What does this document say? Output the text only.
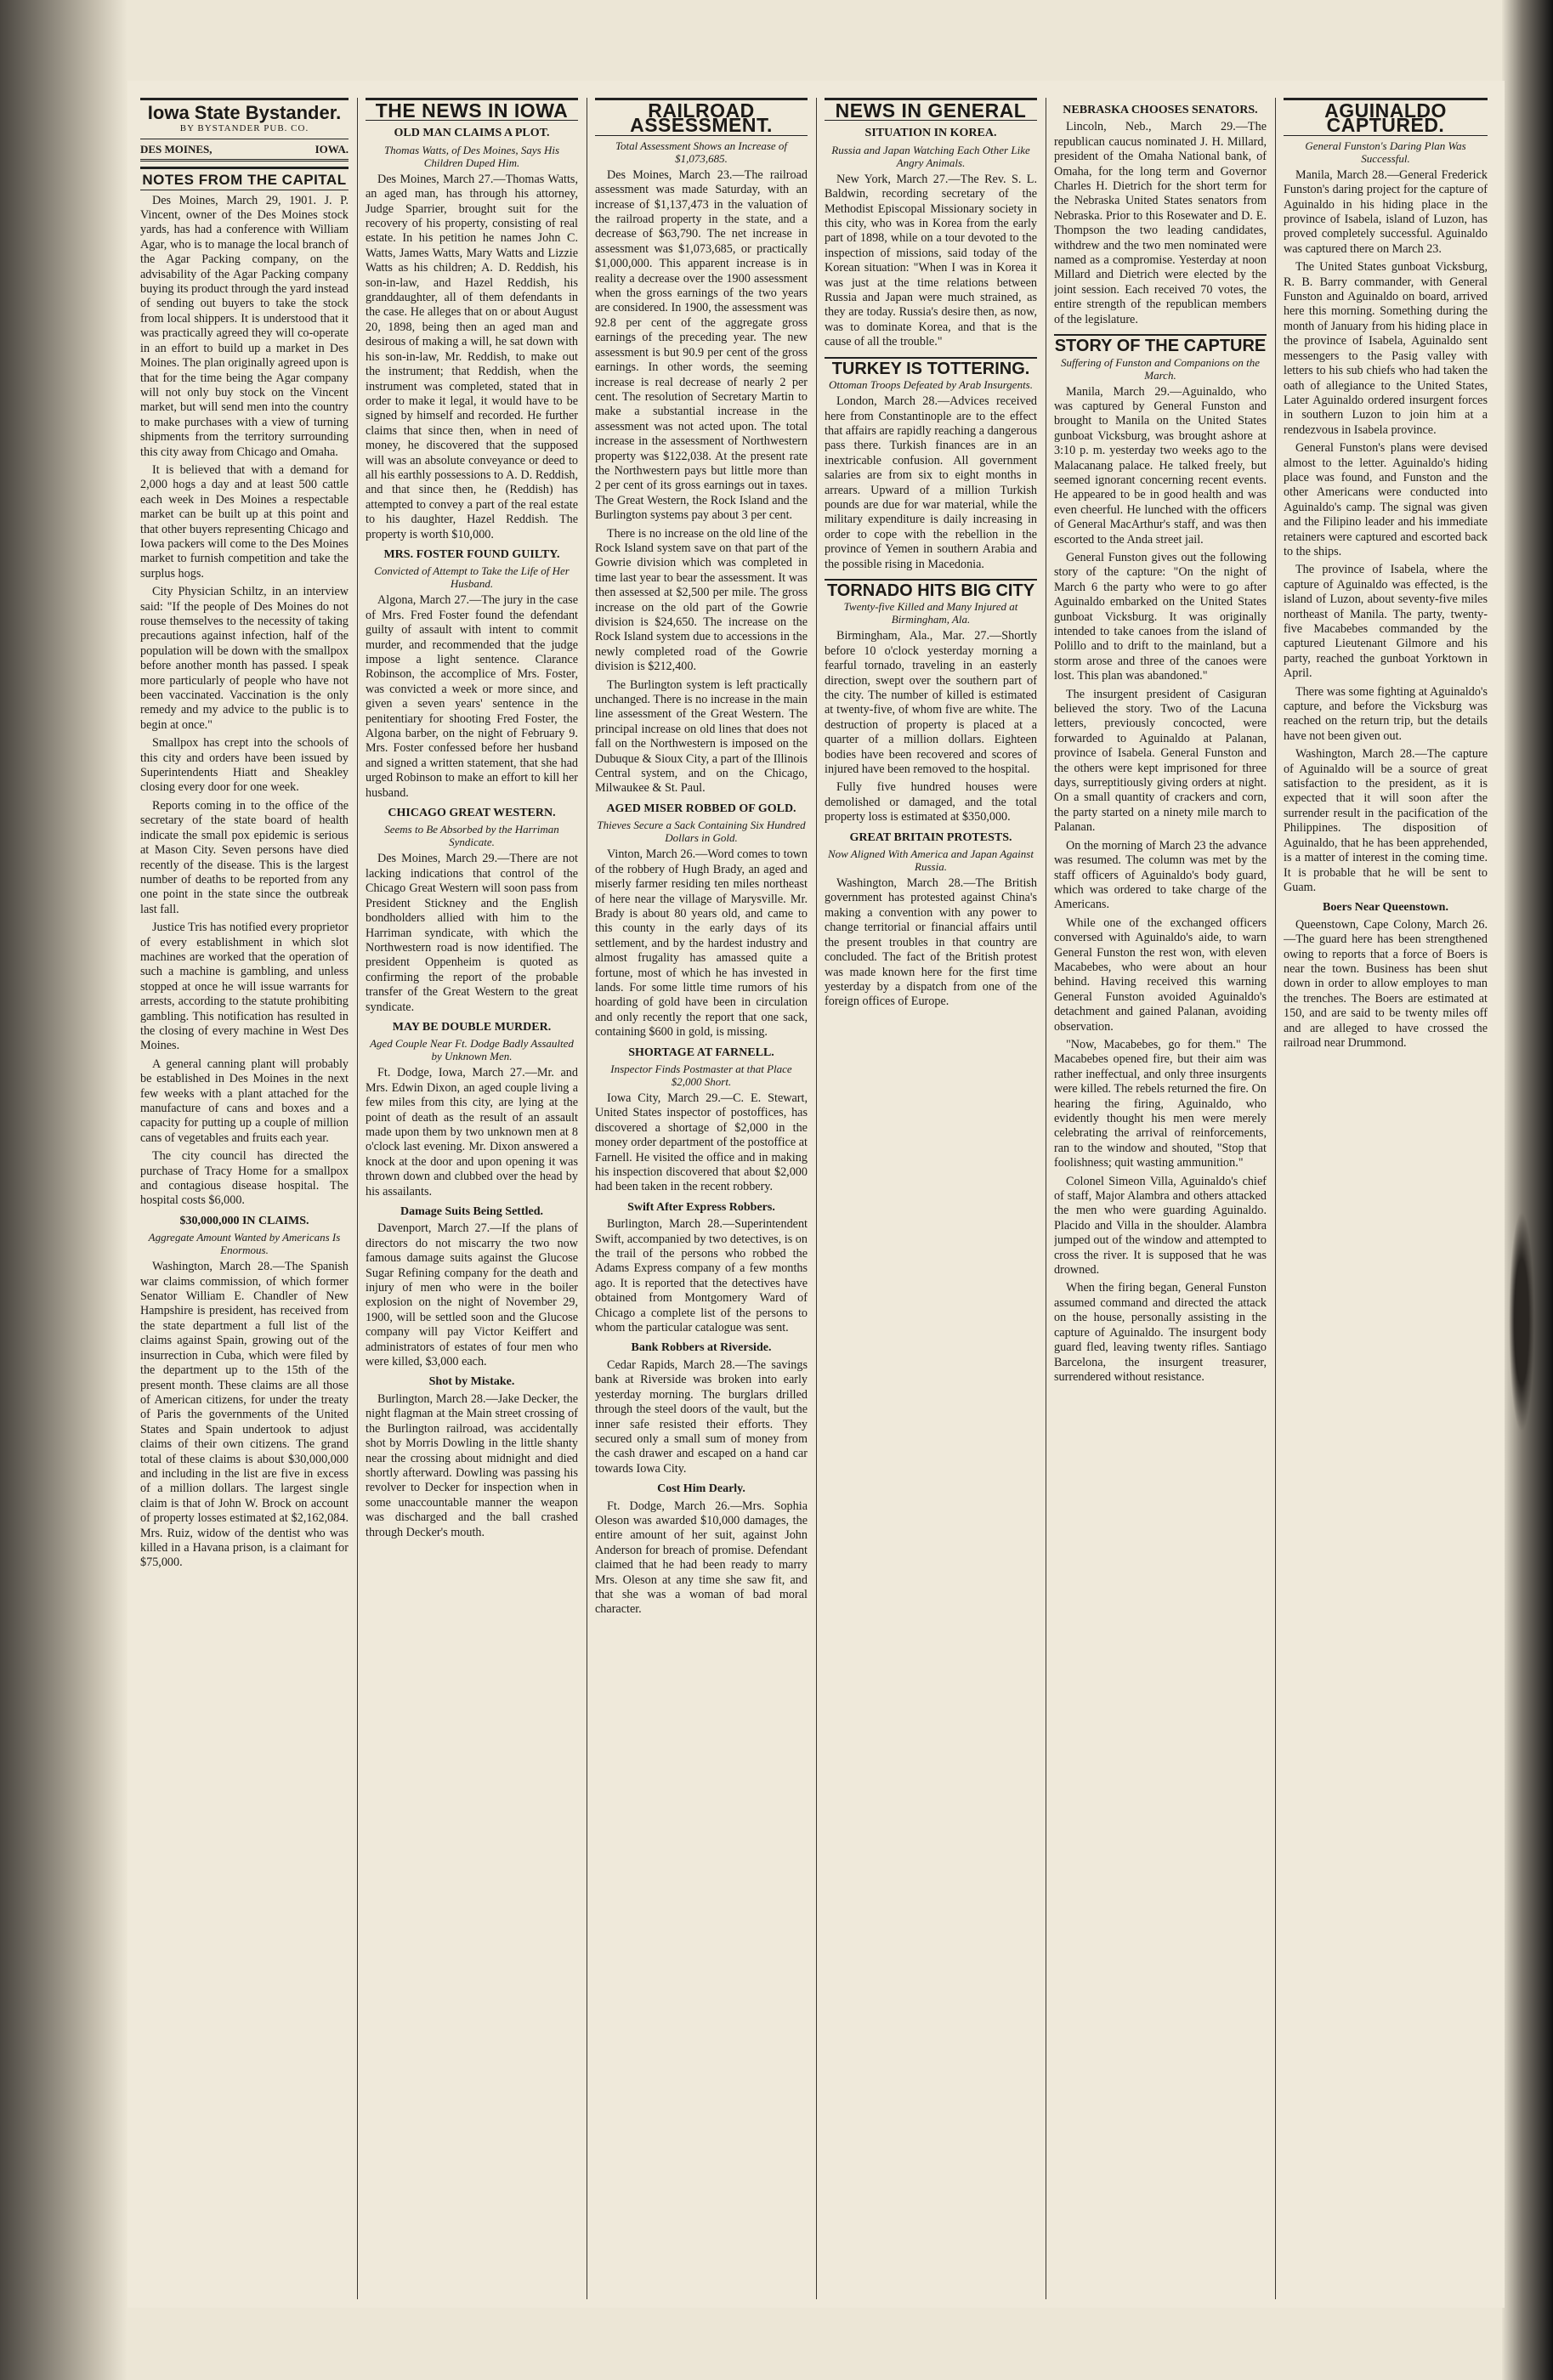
Iowa State Bystander.
BY BYSTANDER PUB. CO.
DES MOINES,	IOWA.
NOTES FROM THE CAPITAL

Des Moines, March 29, 1901. J. P. Vincent, owner of the Des Moines stock yards, has had a conference with William Agar, who is to manage the local branch of the Agar Packing company, on the advisability of the Agar Packing company buying its product through the yard instead of sending out buyers to take the stock from local shippers. It is understood that it was practically agreed they will co-operate in an effort to build up a market in Des Moines. The plan originally agreed upon is that for the time being the Agar company will not only buy stock on the Vincent market, but will send men into the country to make purchases with a view of turning shipments from the territory surrounding this city away from Chicago and Omaha.

It is believed that with a demand for 2,000 hogs a day and at least 500 cattle each week in Des Moines a respectable market can be built up at this point and that other buyers representing Chicago and Iowa packers will come to the Des Moines market to furnish competition and take the surplus hogs.

City Physician Schiltz, in an interview said: "If the people of Des Moines do not rouse themselves to the necessity of taking precautions against infection, half of the population will be down with the smallpox before another month has passed. I speak more particularly of people who have not been vaccinated. Vaccination is the only remedy and my advice to the public is to begin at once."

Smallpox has crept into the schools of this city and orders have been issued by Superintendents Hiatt and Sheakley closing every door for one week.

Reports coming in to the office of the secretary of the state board of health indicate the small pox epidemic is serious at Mason City. Seven persons have died recently of the disease. This is the largest number of deaths to be reported from any one point in the state since the outbreak last fall.

Justice Tris has notified every proprietor of every establishment in which slot machines are worked that the operation of such a machine is gambling, and unless stopped at once he will issue warrants for arrests, according to the statute prohibiting gambling. This notification has resulted in the closing of every machine in West Des Moines.

A general canning plant will probably be established in Des Moines in the next few weeks with a plant attached for the manufacture of cans and boxes and a capacity for putting up a couple of million cans of vegetables and fruits each year.

The city council has directed the purchase of Tracy Home for a smallpox and contagious disease hospital. The hospital costs $6,000.

$30,000,000 IN CLAIMS.
Aggregate Amount Wanted by Americans Is Enormous.

Washington, March 28.—The Spanish war claims commission, of which former Senator William E. Chandler of New Hampshire is president, has received from the state department a full list of the claims against Spain, growing out of the insurrection in Cuba, which were filed by the department up to the 15th of the present month. These claims are all those of American citizens, for under the treaty of Paris the governments of the United States and Spain undertook to adjust claims of their own citizens. The grand total of these claims is about $30,000,000 and including in the list are five in excess of a million dollars. The largest single claim is that of John W. Brock on account of property losses estimated at $2,162,084. Mrs. Ruiz, widow of the dentist who was killed in a Havana prison, is a claimant for $75,000.

THE NEWS IN IOWA
OLD MAN CLAIMS A PLOT.
Thomas Watts, of Des Moines, Says His Children Duped Him.

Des Moines, March 27.—Thomas Watts, an aged man, has through his attorney, Judge Sparrier, brought suit for the recovery of his property, consisting of real estate. In his petition he names John C. Watts, James Watts, Mary Watts and Lizzie Watts as his children; A. D. Reddish, his son-in-law, and Hazel Reddish, his granddaughter, all of them defendants in the case. He alleges that on or about August 20, 1898, being then an aged man and desirous of making a will, he sat down with his son-in-law, Mr. Reddish, to make out the instrument; that Reddish, when the instrument was completed, stated that in order to make it legal, it would have to be signed by himself and recorded. He further claims that since then, when in need of money, he discovered that the supposed will was an absolute conveyance or deed to all his earthly possessions to A. D. Reddish, and that since then, he (Reddish) has attempted to convey a part of the real estate to his daughter, Hazel Reddish. The property is worth $10,000.

MRS. FOSTER FOUND GUILTY.
Convicted of Attempt to Take the Life of Her Husband.

Algona, March 27.—The jury in the case of Mrs. Fred Foster found the defendant guilty of assault with intent to commit murder, and recommended that the judge impose a light sentence. Clarance Robinson, the accomplice of Mrs. Foster, was convicted a week or more since, and given a seven years' sentence in the penitentiary for shooting Fred Foster, the Algona barber, on the night of February 9. Mrs. Foster confessed before her husband and signed a written statement, that she had urged Robinson to make an effort to kill her husband.

CHICAGO GREAT WESTERN.
Seems to Be Absorbed by the Harriman Syndicate.

Des Moines, March 29.—There are not lacking indications that control of the Chicago Great Western will soon pass from President Stickney and the English bondholders allied with him to the Harriman syndicate, with which the Northwestern road is now identified. The president Oppenheim is quoted as confirming the report of the probable transfer of the Great Western to the great syndicate.

MAY BE DOUBLE MURDER.
Aged Couple Near Ft. Dodge Badly Assaulted by Unknown Men.

Ft. Dodge, Iowa, March 27.—Mr. and Mrs. Edwin Dixon, an aged couple living a few miles from this city, are lying at the point of death as the result of an assault made upon them by two unknown men at 8 o'clock last evening. Mr. Dixon answered a knock at the door and upon opening it was thrown down and clubbed over the head by his assailants.

Damage Suits Being Settled.

Davenport, March 27.—If the plans of directors do not miscarry the two now famous damage suits against the Glucose Sugar Refining company for the death and injury of men who were in the boiler explosion on the night of November 29, 1900, will be settled soon and the Glucose company will pay Victor Keiffert and administrators of estates of four men who were killed, $3,000 each.

Shot by Mistake.

Burlington, March 28.—Jake Decker, the night flagman at the Main street crossing of the Burlington railroad, was accidentally shot by Morris Dowling in the little shanty near the crossing about midnight and died shortly afterward. Dowling was passing his revolver to Decker for inspection when in some unaccountable manner the weapon was discharged and the ball crashed through Decker's mouth.

RAILROAD ASSESSMENT.
Total Assessment Shows an Increase of $1,073,685.

Des Moines, March 23.—The railroad assessment was made Saturday, with an increase of $1,137,473 in the valuation of the railroad property in the state, and a decrease of $63,790. The net increase in assessment was $1,073,685, or practically $1,000,000. This apparent increase is in reality a decrease over the 1900 assessment when the gross earnings of the two years are considered. In 1900, the assessment was 92.8 per cent of the aggregate gross earnings of the preceding year. The new assessment is but 90.9 per cent of the gross earnings. In other words, the seeming increase is real decrease of nearly 2 per cent. The resolution of Secretary Martin to make a substantial increase in the assessment was not acted upon. The total increase in the assessment of Northwestern property was $122,038. At the present rate the Northwestern pays but little more than 2 per cent of its gross earnings out in taxes. The Great Western, the Rock Island and the Burlington systems pay about 3 per cent.

There is no increase on the old line of the Rock Island system save on that part of the Gowrie division which was completed in time last year to bear the assessment. It was then assessed at $2,500 per mile. The gross increase on the old part of the Gowrie division is $24,650. The increase on the Rock Island system due to accessions in the newly completed road of the Gowrie division is $212,400.

The Burlington system is left practically unchanged. There is no increase in the main line assessment of the Great Western. The principal increase on old lines that does not fall on the Northwestern is imposed on the Dubuque & Sioux City, a part of the Illinois Central system, and on the Chicago, Milwaukee & St. Paul.

AGED MISER ROBBED OF GOLD.
Thieves Secure a Sack Containing Six Hundred Dollars in Gold.

Vinton, March 26.—Word comes to town of the robbery of Hugh Brady, an aged and miserly farmer residing ten miles northeast of here near the village of Marysville. Mr. Brady is about 80 years old, and came to this county in the early days of its settlement, and by the hardest industry and almost frugality has amassed quite a fortune, most of which he has invested in lands. For some little time rumors of his hoarding of gold have been in circulation and only recently the report that one sack, containing $600 in gold, is missing.

SHORTAGE AT FARNELL.
Inspector Finds Postmaster at that Place $2,000 Short.

Iowa City, March 29.—C. E. Stewart, United States inspector of postoffices, has discovered a shortage of $2,000 in the money order department of the postoffice at Farnell. He visited the office and in making his inspection discovered that about $2,000 had been taken in the recent robbery.

Swift After Express Robbers.

Burlington, March 28.—Superintendent Swift, accompanied by two detectives, is on the trail of the persons who robbed the Adams Express company of a few months ago. It is reported that the detectives have obtained from Montgomery Ward of Chicago a complete list of the persons to whom the particular catalogue was sent.

Bank Robbers at Riverside.

Cedar Rapids, March 28.—The savings bank at Riverside was broken into early yesterday morning. The burglars drilled through the steel doors of the vault, but the inner safe resisted their efforts. They secured only a small sum of money from the cash drawer and escaped on a hand car towards Iowa City.

Cost Him Dearly.

Ft. Dodge, March 26.—Mrs. Sophia Oleson was awarded $10,000 damages, the entire amount of her suit, against John Anderson for breach of promise. Defendant claimed that he had been ready to marry Mrs. Oleson at any time she saw fit, and that she was a woman of bad moral character.

NEWS IN GENERAL
SITUATION IN KOREA.
Russia and Japan Watching Each Other Like Angry Animals.

New York, March 27.—The Rev. S. L. Baldwin, recording secretary of the Methodist Episcopal Missionary society in this city, who was in Korea from the early part of 1898, while on a tour devoted to the inspection of missions, said today of the Korean situation: "When I was in Korea it was just at the time relations between Russia and Japan were much strained, as they are today. Russia's desire then, as now, was to dominate Korea, and that is the cause of all the trouble."

TURKEY IS TOTTERING.
Ottoman Troops Defeated by Arab Insurgents.

London, March 28.—Advices received here from Constantinople are to the effect that affairs are rapidly reaching a dangerous pass there. Turkish finances are in an inextricable confusion. All government salaries are from six to eight months in arrears. Upward of a million Turkish pounds are due for war material, while the military expenditure is daily increasing in order to cope with the rebellion in the province of Yemen in southern Arabia and the possible rising in Macedonia.

TORNADO HITS BIG CITY
Twenty-five Killed and Many Injured at Birmingham, Ala.

Birmingham, Ala., Mar. 27.—Shortly before 10 o'clock yesterday morning a fearful tornado, traveling in an easterly direction, swept over the southern part of the city. The number of killed is estimated at twenty-five, of whom five are white. The destruction of property is placed at a quarter of a million dollars. Eighteen bodies have been recovered and scores of injured have been removed to the hospital.

Fully five hundred houses were demolished or damaged, and the total property loss is estimated at $350,000.

GREAT BRITAIN PROTESTS.
Now Aligned With America and Japan Against Russia.

Washington, March 28.—The British government has protested against China's making a convention with any power to change territorial or financial affairs until the present troubles in that country are concluded. The fact of the British protest was made known here for the first time yesterday by a dispatch from one of the foreign offices of Europe.

NEBRASKA CHOOSES SENATORS.

Lincoln, Neb., March 29.—The republican caucus nominated J. H. Millard, president of the Omaha National bank, of Omaha, for the long term and Governor Charles H. Dietrich for the short term for the Nebraska United States senators from Nebraska. Prior to this Rosewater and D. E. Thompson the two leading candidates, withdrew and the two men nominated were named as a compromise. Yesterday at noon Millard and Dietrich were elected by the joint session. Each received 70 votes, the entire strength of the republican members of the legislature.

STORY OF THE CAPTURE
Suffering of Funston and Companions on the March.

Manila, March 29.—Aguinaldo, who was captured by General Funston and brought to Manila on the United States gunboat Vicksburg, was brought ashore at 3:10 p. m. yesterday two weeks ago to the Malacanang palace. He talked freely, but seemed ignorant concerning recent events. He appeared to be in good health and was even cheerful. He lunched with the officers of General MacArthur's staff, and was then escorted to the Anda street jail.

General Funston gives out the following story of the capture: "On the night of March 6 the party who were to go after Aguinaldo embarked on the United States gunboat Vicksburg. It was originally intended to take canoes from the island of Polillo and to drift to the mainland, but a storm arose and three of the canoes were lost. This plan was abandoned."

The insurgent president of Casiguran believed the story. Two of the Lacuna letters, previously concocted, were forwarded to Aguinaldo at Palanan, province of Isabela. General Funston and the others were kept imprisoned for three days, surreptitiously giving orders at night. On a small quantity of crackers and corn, the party started on a ninety mile march to Palanan.

On the morning of March 23 the advance was resumed. The column was met by the staff officers of Aguinaldo's body guard, which was ordered to take charge of the Americans.

While one of the exchanged officers conversed with Aguinaldo's aide, to warn General Funston the rest won, with eleven Macabebes, who were about an hour behind. Having received this warning General Funston avoided Aguinaldo's detachment and gained Palanan, avoiding observation.

"Now, Macabebes, go for them." The Macabebes opened fire, but their aim was rather ineffectual, and only three insurgents were killed. The rebels returned the fire. On hearing the firing, Aguinaldo, who evidently thought his men were merely celebrating the arrival of reinforcements, ran to the window and shouted, "Stop that foolishness; quit wasting ammunition."

Colonel Simeon Villa, Aguinaldo's chief of staff, Major Alambra and others attacked the men who were guarding Aguinaldo. Placido and Villa in the shoulder. Alambra jumped out of the window and attempted to cross the river. It is supposed that he was drowned.

When the firing began, General Funston assumed command and directed the attack on the house, personally assisting in the capture of Aguinaldo. The insurgent body guard fled, leaving twenty rifles. Santiago Barcelona, the insurgent treasurer, surrendered without resistance.

AGUINALDO CAPTURED.
General Funston's Daring Plan Was Successful.

Manila, March 28.—General Frederick Funston's daring project for the capture of Aguinaldo in his hiding place in the province of Isabela, island of Luzon, has proved completely successful. Aguinaldo was captured there on March 23.

The United States gunboat Vicksburg, R. B. Barry commander, with General Funston and Aguinaldo on board, arrived here this morning. Something during the month of January from his hiding place in the province of Isabela, Aguinaldo sent messengers to the Pasig valley with letters to his sub chiefs who had taken the oath of allegiance to the United States, Later Aguinaldo ordered insurgent forces in southern Luzon to join him at a rendezvous in Isabela province.

General Funston's plans were devised almost to the letter. Aguinaldo's hiding place was found, and Funston and the other Americans were conducted into Aguinaldo's camp. The signal was given and the Filipino leader and his immediate retainers were captured and escorted back to the ships.

The province of Isabela, where the capture of Aguinaldo was effected, is the island of Luzon, about seventy-five miles northeast of Manila. The party, twenty-five Macabebes commanded by the captured Lieutenant Gilmore and his party, reached the gunboat Yorktown in April.

There was some fighting at Aguinaldo's capture, and before the Vicksburg was reached on the return trip, but the details have not been given out.

Washington, March 28.—The capture of Aguinaldo will be a source of great satisfaction to the president, as it is expected that it will soon after the surrender result in the pacification of the Philippines. The disposition of Aguinaldo, that he has been apprehended, is a matter of interest in the coming time. It is probable that he will be sent to Guam.

Boers Near Queenstown.

Queenstown, Cape Colony, March 26.—The guard here has been strengthened owing to reports that a force of Boers is near the town. Business has been shut down in order to allow employes to man the trenches. The Boers are estimated at 150, and are said to be twenty miles off and are alleged to have crossed the railroad near Drummond.
